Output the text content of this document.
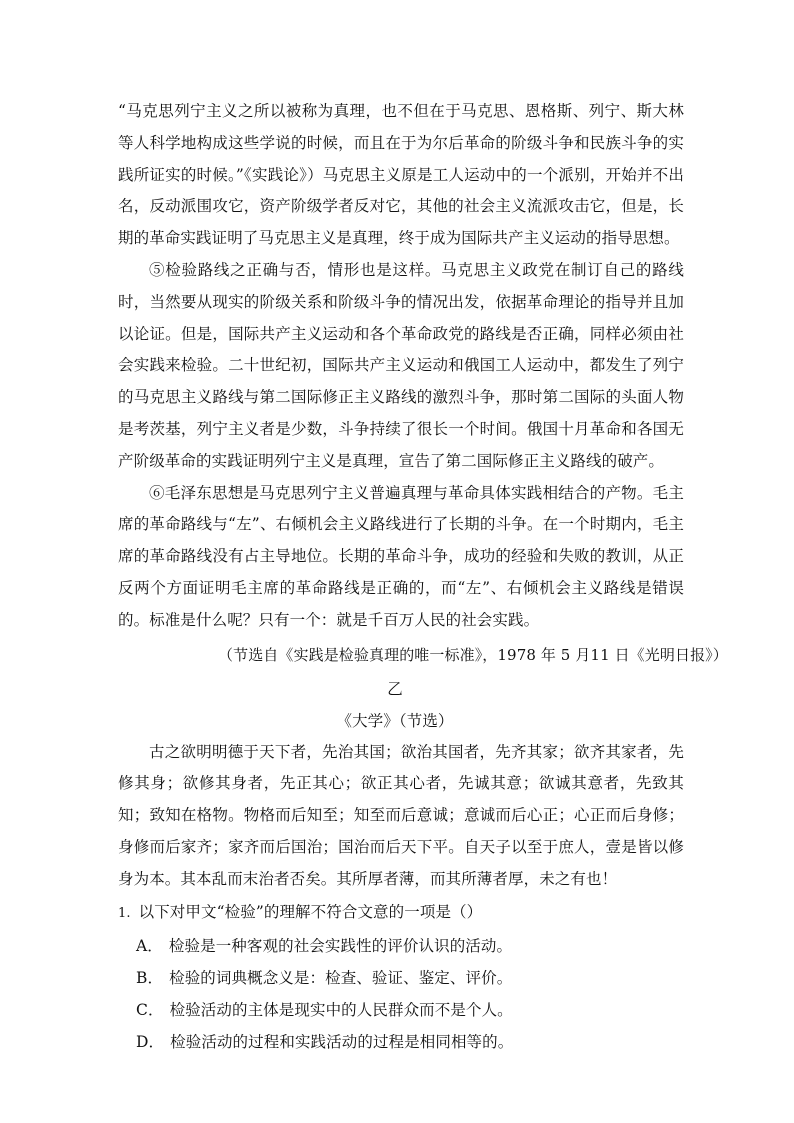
“马克思列宁主义之所以被称为真理，也不但在于马克思、恩格斯、列宁、斯大林等人科学地构成这些学说的时候，而且在于为尔后革命的阶级斗争和民族斗争的实践所证实的时候。”《实践论》）马克思主义原是工人运动中的一个派别，开始并不出名，反动派围攻它，资产阶级学者反对它，其他的社会主义流派攻击它，但是，长期的革命实践证明了马克思主义是真理，终于成为国际共产主义运动的指导思想。

⑤检验路线之正确与否，情形也是这样。马克思主义政党在制订自己的路线时，当然要从现实的阶级关系和阶级斗争的情况出发，依据革命理论的指导并且加以论证。但是，国际共产主义运动和各个革命政党的路线是否正确，同样必须由社会实践来检验。二十世纪初，国际共产主义运动和俄国工人运动中，都发生了列宁的马克思主义路线与第二国际修正主义路线的激烈斗争，那时第二国际的头面人物是考茨基，列宁主义者是少数，斗争持续了很长一个时间。俄国十月革命和各国无产阶级革命的实践证明列宁主义是真理，宣告了第二国际修正主义路线的破产。

⑥毛泽东思想是马克思列宁主义普遍真理与革命具体实践相结合的产物。毛主席的革命路线与“左”、右倾机会主义路线进行了长期的斗争。在一个时期内，毛主席的革命路线没有占主导地位。长期的革命斗争，成功的经验和失败的教训，从正反两个方面证明毛主席的革命路线是正确的，而“左”、右倾机会主义路线是错误的。标准是什么呢？只有一个：就是千百万人民的社会实践。

（节选自《实践是检验真理的唯一标准》，1978 年 5 月11 日《光明日报》）

乙

《大学》（节选）

古之欲明明德于天下者，先治其国；欲治其国者，先齐其家；欲齐其家者，先修其身；欲修其身者，先正其心；欲正其心者，先诚其意；欲诚其意者，先致其知；致知在格物。物格而后知至；知至而后意诚；意诚而后心正；心正而后身修；身修而后家齐；家齐而后国治；国治而后天下平。自天子以至于庶人，壹是皆以修身为本。其本乱而末治者否矣。其所厚者薄，而其所薄者厚，未之有也！

1. 以下对甲文“检验”的理解不符合文意的一项是（）

A． 检验是一种客观的社会实践性的评价认识的活动。

B． 检验的词典概念义是：检查、验证、鉴定、评价。

C． 检验活动的主体是现实中的人民群众而不是个人。

D． 检验活动的过程和实践活动的过程是相同相等的。
